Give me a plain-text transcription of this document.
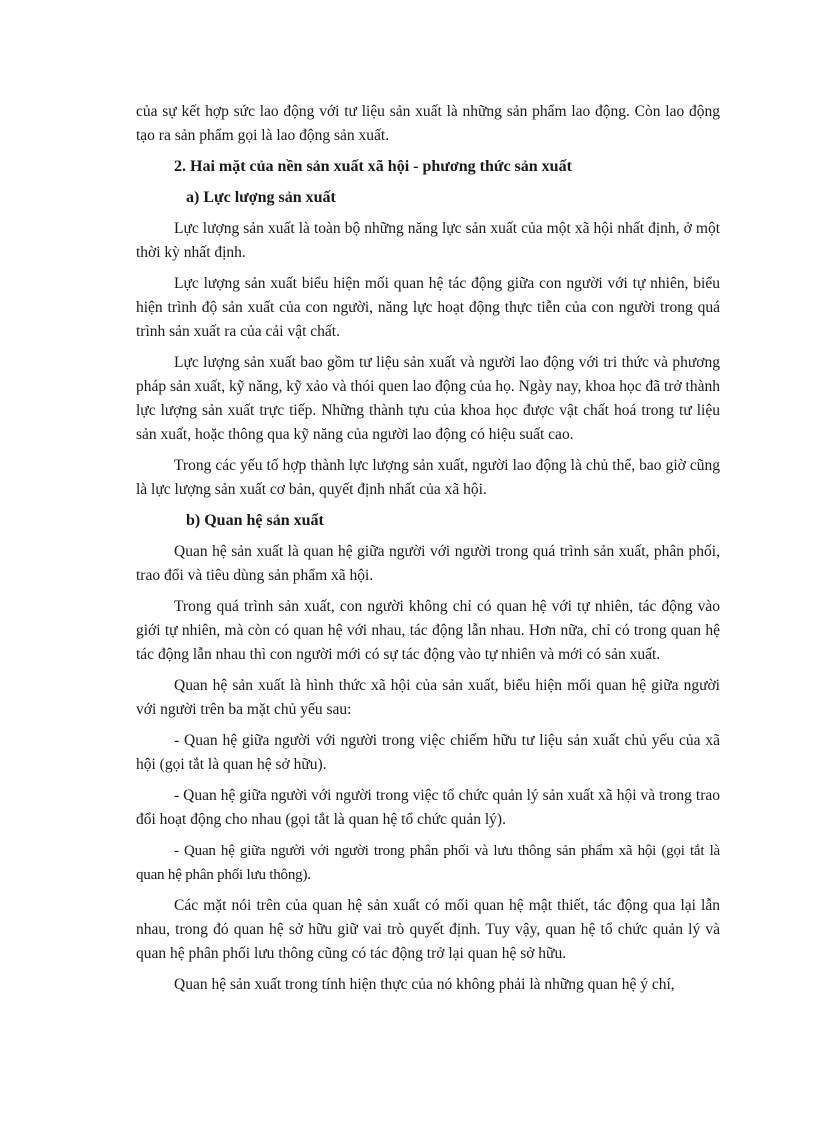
của sự kết hợp sức lao động với tư liệu sản xuất là những sản phẩm lao động. Còn lao động tạo ra sản phẩm gọi là lao động sản xuất.

2. Hai mặt của nền sản xuất xã hội - phương thức sản xuất

a) Lực lượng sản xuất

Lực lượng sản xuất là toàn bộ những năng lực sản xuất của một xã hội nhất định, ở một thời kỳ nhất định.

Lực lượng sản xuất biểu hiện mối quan hệ tác động giữa con người với tự nhiên, biểu hiện trình độ sản xuất của con người, năng lực hoạt động thực tiễn của con người trong quá trình sản xuất ra của cải vật chất.

Lực lượng sản xuất bao gồm tư liệu sản xuất và người lao động với tri thức và phương pháp sản xuất, kỹ năng, kỹ xảo và thói quen lao động của họ. Ngày nay, khoa học đã trở thành lực lượng sản xuất trực tiếp. Những thành tựu của khoa học được vật chất hoá trong tư liệu sản xuất, hoặc thông qua kỹ năng của người lao động có hiệu suất cao.

Trong các yếu tố hợp thành lực lượng sản xuất, người lao động là chủ thể, bao giờ cũng là lực lượng sản xuất cơ bản, quyết định nhất của xã hội.

b) Quan hệ sản xuất

Quan hệ sản xuất là quan hệ giữa người với người trong quá trình sản xuất, phân phối, trao đổi và tiêu dùng sản phẩm xã hội.

Trong quá trình sản xuất, con người không chỉ có quan hệ với tự nhiên, tác động vào giới tự nhiên, mà còn có quan hệ với nhau, tác động lẫn nhau. Hơn nữa, chỉ có trong quan hệ tác động lẫn nhau thì con người mới có sự tác động vào tự nhiên và mới có sản xuất.

Quan hệ sản xuất là hình thức xã hội của sản xuất, biểu hiện mối quan hệ giữa người với người trên ba mặt chủ yếu sau:

- Quan hệ giữa người với người trong việc chiếm hữu tư liệu sản xuất chủ yếu của xã hội (gọi tắt là quan hệ sở hữu).

- Quan hệ giữa người với người trong việc tổ chức quản lý sản xuất xã hội và trong trao đổi hoạt động cho nhau (gọi tắt là quan hệ tổ chức quản lý).

- Quan hệ giữa người với người trong phân phối và lưu thông sản phẩm xã hội (gọi tắt là quan hệ phân phối lưu thông).

Các mặt nói trên của quan hệ sản xuất có mối quan hệ mật thiết, tác động qua lại lẫn nhau, trong đó quan hệ sở hữu giữ vai trò quyết định. Tuy vậy, quan hệ tổ chức quản lý và quan hệ phân phối lưu thông cũng có tác động trở lại quan hệ sở hữu.

Quan hệ sản xuất trong tính hiện thực của nó không phải là những quan hệ ý chí,
